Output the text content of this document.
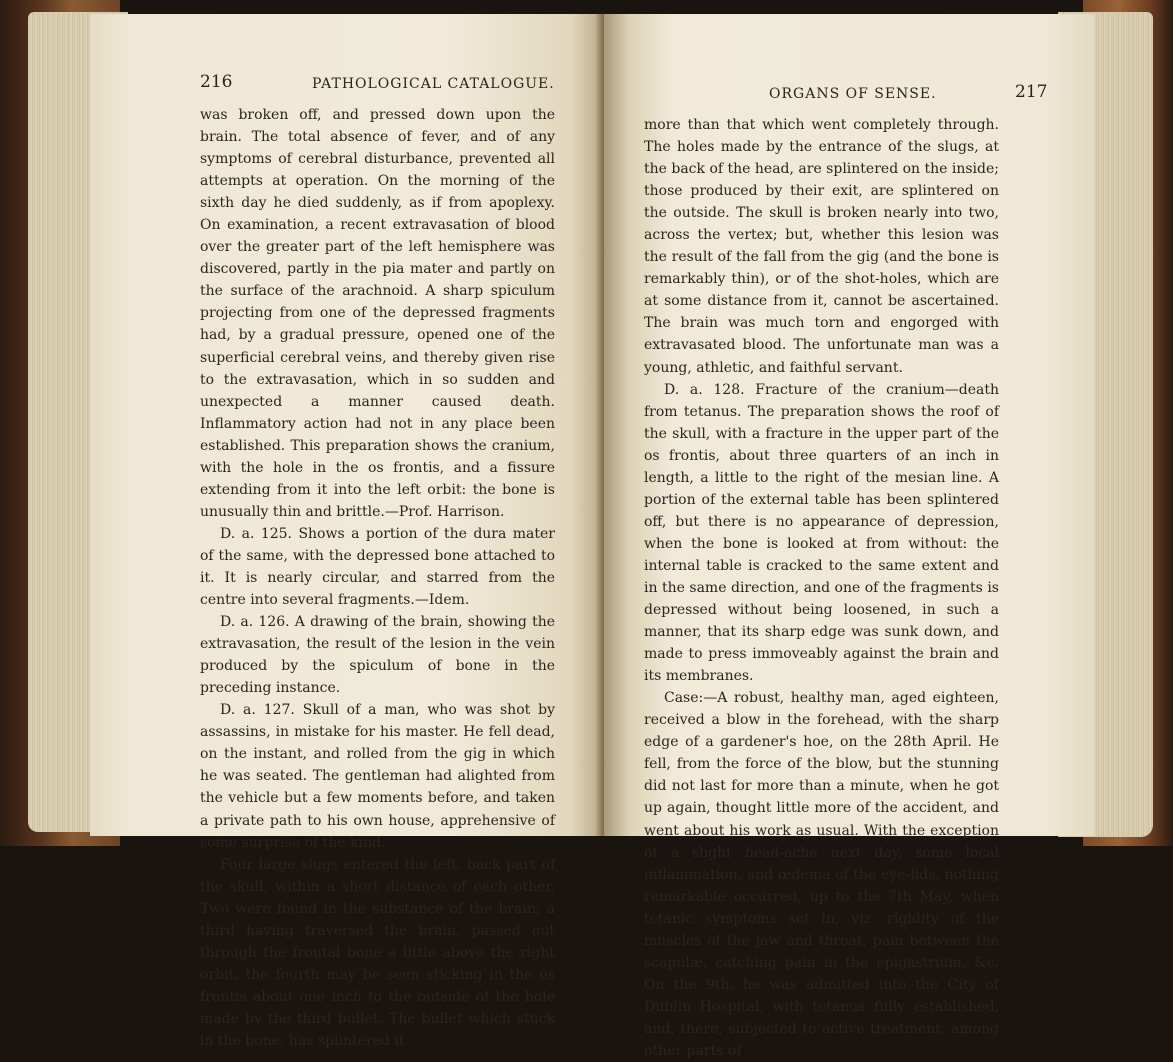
216	PATHOLOGICAL CATALOGUE.

was broken off, and pressed down upon the brain. The total absence of fever, and of any symptoms of cerebral disturbance, prevented all attempts at operation. On the morning of the sixth day he died suddenly, as if from apoplexy. On examination, a recent extravasation of blood over the greater part of the left hemisphere was discovered, partly in the pia mater and partly on the surface of the arachnoid. A sharp spiculum projecting from one of the depressed fragments had, by a gradual pressure, opened one of the superficial cerebral veins, and thereby given rise to the extravasation, which in so sudden and unexpected a manner caused death. Inflammatory action had not in any place been established. This preparation shows the cranium, with the hole in the os frontis, and a fissure extending from it into the left orbit: the bone is unusually thin and brittle.—Prof. Harrison.

D. a. 125. Shows a portion of the dura mater of the same, with the depressed bone attached to it. It is nearly circular, and starred from the centre into several fragments.—Idem.

D. a. 126. A drawing of the brain, showing the extravasation, the result of the lesion in the vein produced by the spiculum of bone in the preceding instance.

D. a. 127. Skull of a man, who was shot by assassins, in mistake for his master. He fell dead, on the instant, and rolled from the gig in which he was seated. The gentleman had alighted from the vehicle but a few moments before, and taken a private path to his own house, apprehensive of some surprise of the kind.

Four large slugs entered the left, back part of the skull, within a short distance of each other. Two were found in the substance of the brain; a third having traversed the brain, passed out through the frontal bone a little above the right orbit; the fourth may be seen sticking in the os frontis about one inch to the outside of the hole made by the third bullet. The bullet which stuck in the bone, has splintered it

ORGANS OF SENSE.	217

more than that which went completely through. The holes made by the entrance of the slugs, at the back of the head, are splintered on the inside; those produced by their exit, are splintered on the outside. The skull is broken nearly into two, across the vertex; but, whether this lesion was the result of the fall from the gig (and the bone is remarkably thin), or of the shot-holes, which are at some distance from it, cannot be ascertained. The brain was much torn and engorged with extravasated blood. The unfortunate man was a young, athletic, and faithful servant.

D. a. 128. Fracture of the cranium—death from tetanus. The preparation shows the roof of the skull, with a fracture in the upper part of the os frontis, about three quarters of an inch in length, a little to the right of the mesian line. A portion of the external table has been splintered off, but there is no appearance of depression, when the bone is looked at from without: the internal table is cracked to the same extent and in the same direction, and one of the fragments is depressed without being loosened, in such a manner, that its sharp edge was sunk down, and made to press immoveably against the brain and its membranes.

Case:—A robust, healthy man, aged eighteen, received a blow in the forehead, with the sharp edge of a gardener's hoe, on the 28th April. He fell, from the force of the blow, but the stunning did not last for more than a minute, when he got up again, thought little more of the accident, and went about his work as usual. With the exception of a slight head-ache next day, some local inflammation, and œdema of the eye-lids, nothing remarkable occurred, up to the 7th May, when tetanic symptoms set in, viz. rigidity of the muscles of the jaw and throat, pain between the scapulæ, catching pain in the epigastrium, &c. On the 9th, he was admitted into the City of Dublin Hospital, with tetanus fully established, and, there, subjected to active treatment, among other parts of
